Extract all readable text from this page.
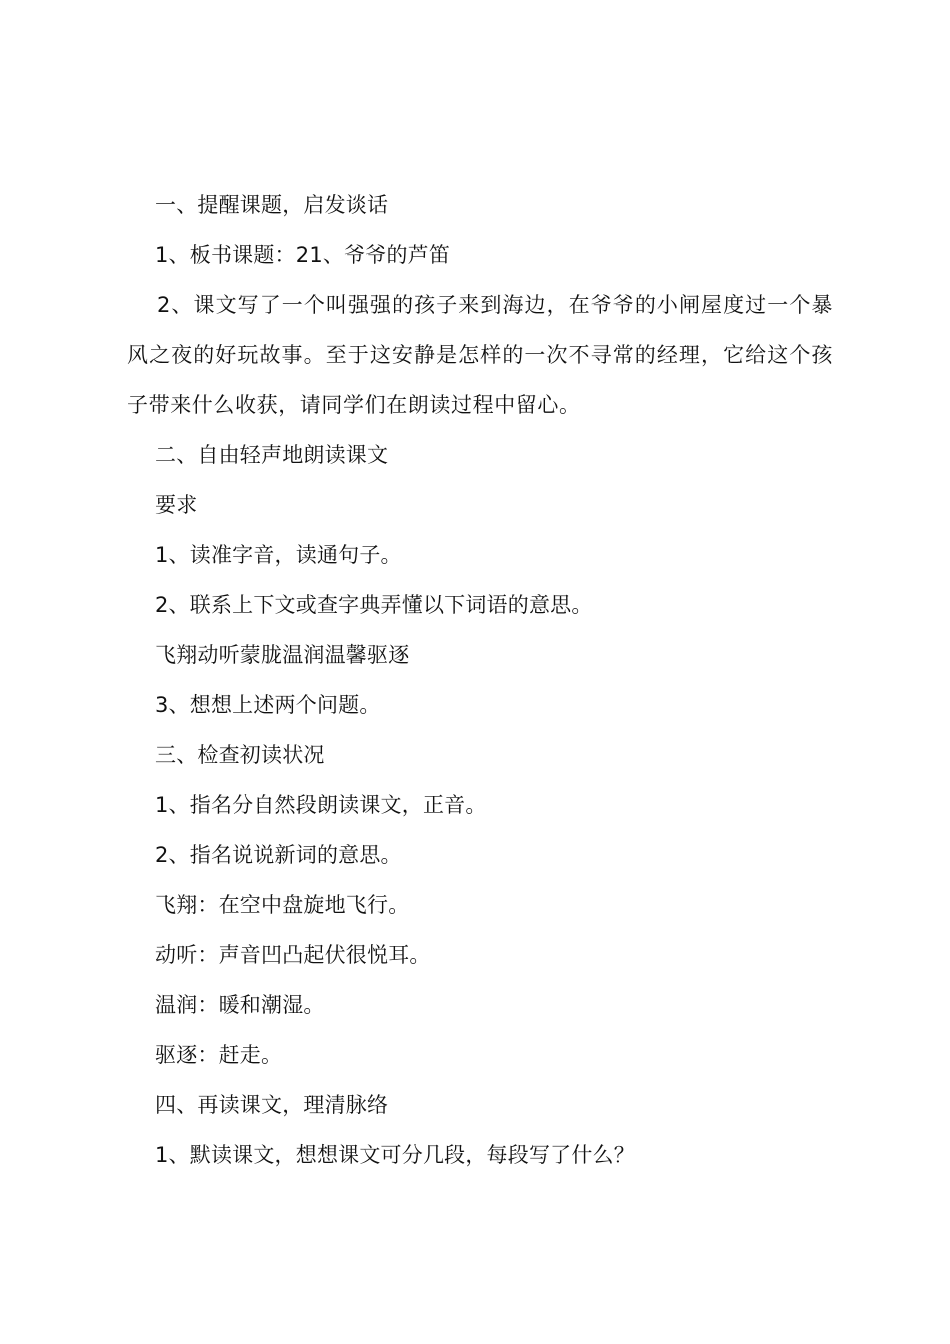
一、提醒课题，启发谈话
1、板书课题：21、爷爷的芦笛

2、课文写了一个叫强强的孩子来到海边，在爷爷的小闸屋度过一个暴风之夜的好玩故事。至于这安静是怎样的一次不寻常的经理，它给这个孩子带来什么收获，请同学们在朗读过程中留心。

二、自由轻声地朗读课文
要求
1、读准字音，读通句子。
2、联系上下文或查字典弄懂以下词语的意思。
飞翔动听蒙胧温润温馨驱逐
3、想想上述两个问题。
三、检查初读状况
1、指名分自然段朗读课文，正音。
2、指名说说新词的意思。
飞翔：在空中盘旋地飞行。
动听：声音凹凸起伏很悦耳。
温润：暖和潮湿。
驱逐：赶走。
四、再读课文，理清脉络
1、默读课文，想想课文可分几段，每段写了什么？
